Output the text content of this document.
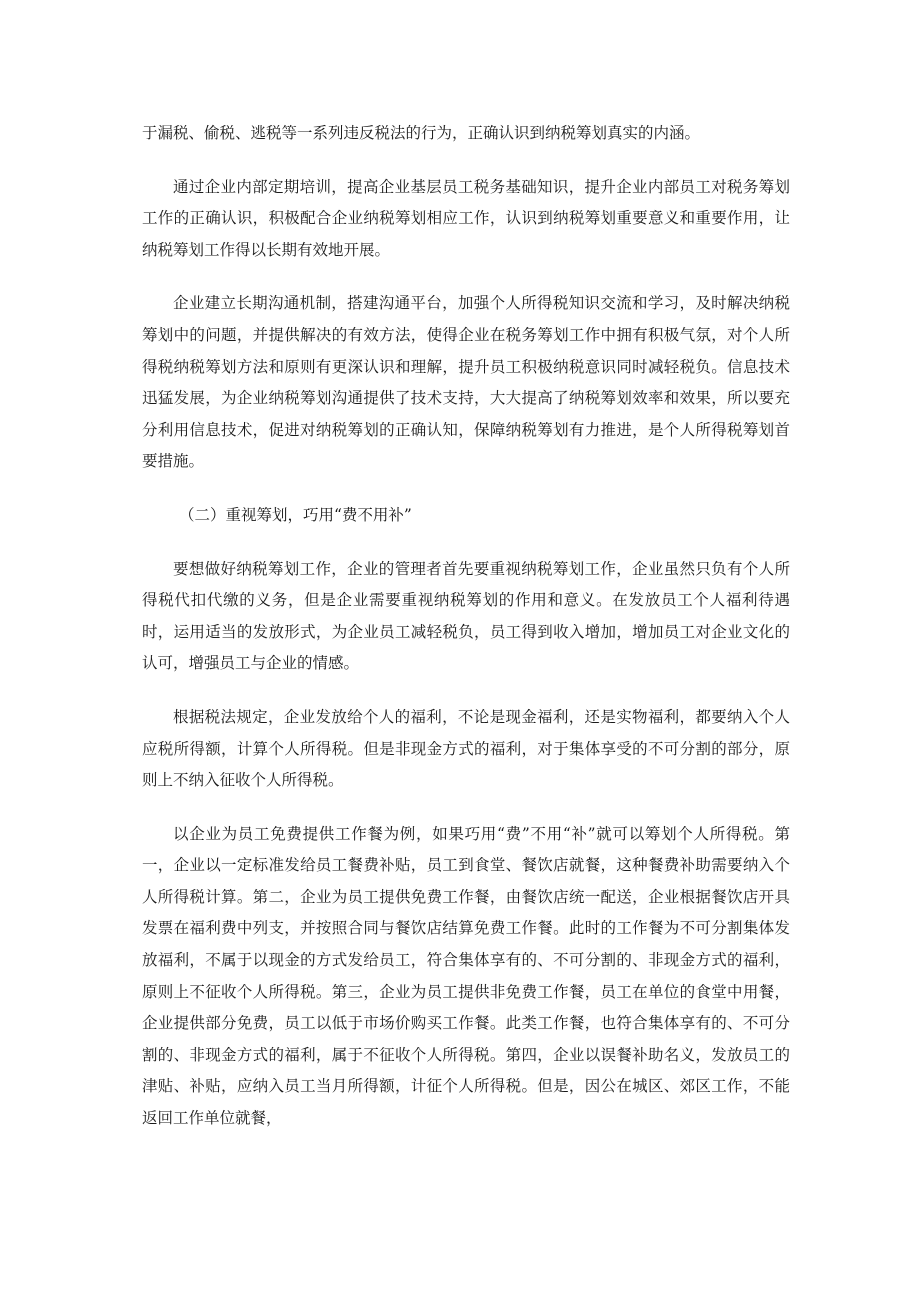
于漏税、偷税、逃税等一系列违反税法的行为，正确认识到纳税筹划真实的内涵。

通过企业内部定期培训，提高企业基层员工税务基础知识，提升企业内部员工对税务筹划工作的正确认识，积极配合企业纳税筹划相应工作，认识到纳税筹划重要意义和重要作用，让纳税筹划工作得以长期有效地开展。

企业建立长期沟通机制，搭建沟通平台，加强个人所得税知识交流和学习，及时解决纳税筹划中的问题，并提供解决的有效方法，使得企业在税务筹划工作中拥有积极气氛，对个人所得税纳税筹划方法和原则有更深认识和理解，提升员工积极纳税意识同时减轻税负。信息技术迅猛发展，为企业纳税筹划沟通提供了技术支持，大大提高了纳税筹划效率和效果，所以要充分利用信息技术，促进对纳税筹划的正确认知，保障纳税筹划有力推进，是个人所得税筹划首要措施。

（二）重视筹划，巧用“费不用补”

要想做好纳税筹划工作，企业的管理者首先要重视纳税筹划工作，企业虽然只负有个人所得税代扣代缴的义务，但是企业需要重视纳税筹划的作用和意义。在发放员工个人福利待遇时，运用适当的发放形式，为企业员工减轻税负，员工得到收入增加，增加员工对企业文化的认可，增强员工与企业的情感。

根据税法规定，企业发放给个人的福利，不论是现金福利，还是实物福利，都要纳入个人应税所得额，计算个人所得税。但是非现金方式的福利，对于集体享受的不可分割的部分，原则上不纳入征收个人所得税。

以企业为员工免费提供工作餐为例，如果巧用“费”不用“补”就可以筹划个人所得税。第一，企业以一定标准发给员工餐费补贴，员工到食堂、餐饮店就餐，这种餐费补助需要纳入个人所得税计算。第二，企业为员工提供免费工作餐，由餐饮店统一配送，企业根据餐饮店开具发票在福利费中列支，并按照合同与餐饮店结算免费工作餐。此时的工作餐为不可分割集体发放福利，不属于以现金的方式发给员工，符合集体享有的、不可分割的、非现金方式的福利，原则上不征收个人所得税。第三，企业为员工提供非免费工作餐，员工在单位的食堂中用餐，企业提供部分免费，员工以低于市场价购买工作餐。此类工作餐，也符合集体享有的、不可分割的、非现金方式的福利，属于不征收个人所得税。第四，企业以误餐补助名义，发放员工的津贴、补贴，应纳入员工当月所得额，计征个人所得税。但是，因公在城区、郊区工作，不能返回工作单位就餐，
